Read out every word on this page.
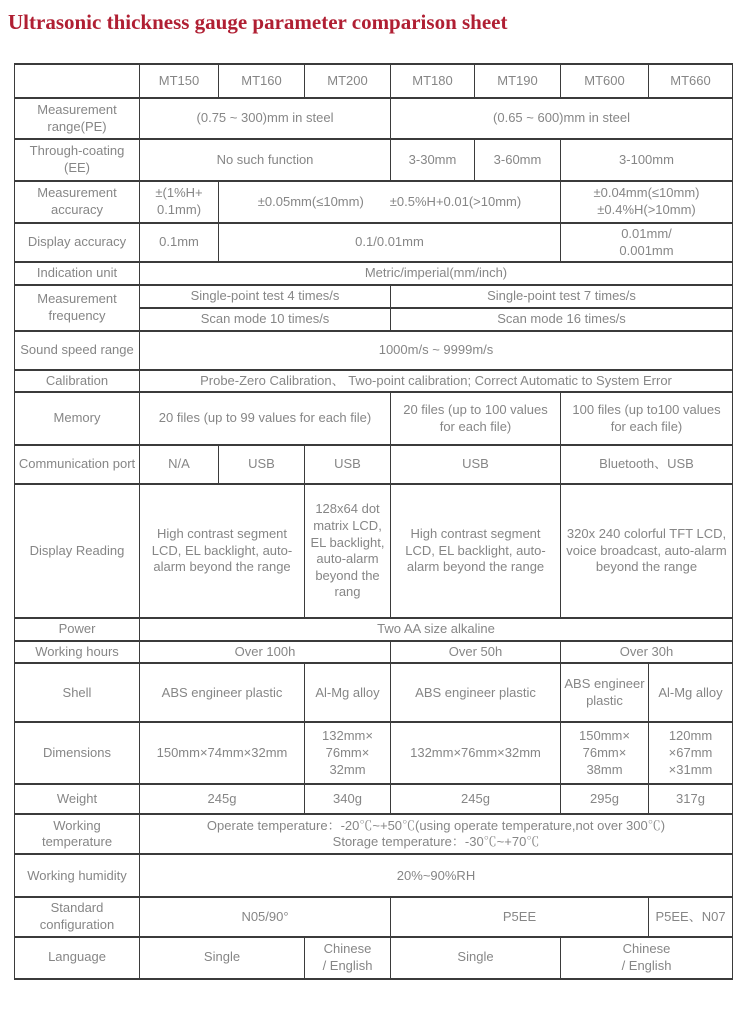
Ultrasonic thickness gauge parameter comparison sheet
	MT150	MT160	MT200	MT180	MT190	MT600	MT660
Measurement range(PE)	(0.75 ~ 300)mm in steel			(0.65 ~ 600)mm in steel			
Through-coating (EE)	No such function			3-30mm	3-60mm	3-100mm	
Measurement accuracy	±(1%H+
0.1mm)	±0.05mm(≤10mm)  ±0.5%H+0.01(>10mm)				±0.04mm(≤10mm)
±0.4%H(>10mm)	
Display accuracy	0.1mm	0.1/0.01mm				0.01mm/
0.001mm	
Indication unit	Metric/imperial(mm/inch)						
Measurement frequency	Single-point test 4 times/s			Single-point test 7 times/s			
	Scan mode 10 times/s			Scan mode 16 times/s			
Sound speed range	1000m/s ~ 9999m/s						
Calibration	Probe-Zero Calibration、 Two-point calibration; Correct Automatic to System Error						
Memory	20 files (up to 99 values for each file)			20 files (up to 100 values for each file)		100 files (up to100 values for each file)	
Communication port	N/A	USB	USB	USB		Bluetooth、USB	
Display Reading	High contrast segment LCD, EL backlight, auto-alarm beyond the range		128x64 dot matrix LCD, EL backlight, auto-alarm beyond the rang	High contrast segment LCD, EL backlight, auto-alarm beyond the range		320x 240 colorful TFT LCD, voice broadcast, auto-alarm beyond the range	
Power	Two AA size alkaline						
Working hours	Over 100h			Over 50h		Over 30h	
Shell	ABS engineer plastic		Al-Mg alloy	ABS engineer plastic		ABS engineer plastic	Al-Mg alloy
Dimensions	150mm×74mm×32mm		132mm×
76mm×
32mm	132mm×76mm×32mm		150mm×
76mm×
38mm	120mm
×67mm
×31mm
Weight	245g		340g	245g		295g	317g
Working temperature	Operate temperature：-20℃~+50℃(using operate temperature,not over 300℃)
Storage temperature：-30℃~+70℃						
Working humidity	20%~90%RH						
Standard configuration	N05/90°			P5EE			P5EE、N07
Language	Single		Chinese
/ English	Single		Chinese
/ English	
